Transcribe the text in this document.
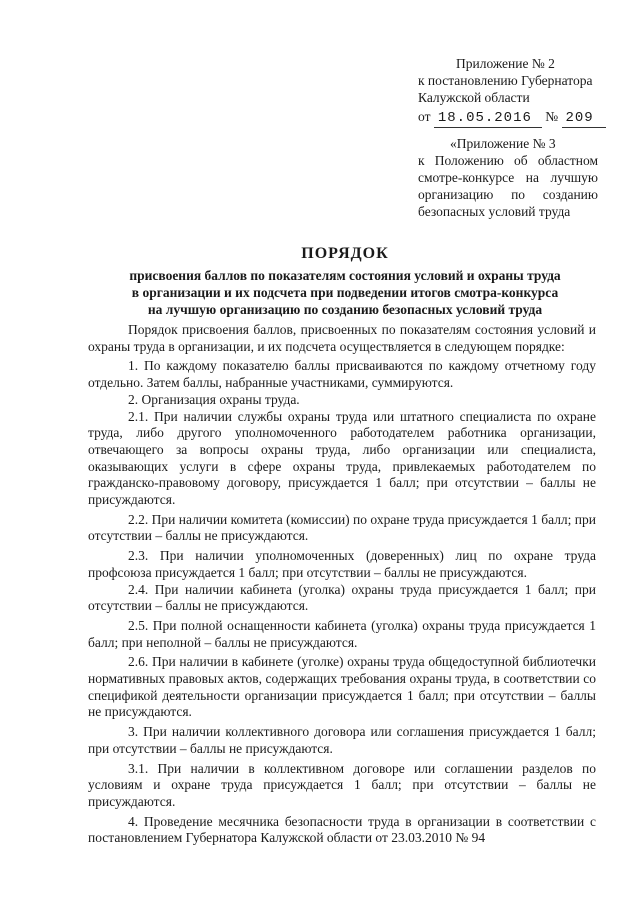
Приложение № 2
к постановлению Губернатора
Калужской области
от 18.05.2016 № 209
«Приложение № 3
к Положению об областном смотре-конкурсе на лучшую организацию по созданию безопасных условий труда
ПОРЯДОК
присвоения баллов по показателям состояния условий и охраны труда
в организации и их подсчета при подведении итогов смотра-конкурса
на лучшую организацию по созданию безопасных условий труда

Порядок присвоения баллов, присвоенных по показателям состояния условий и охраны труда в организации, и их подсчета осуществляется в следующем порядке:

1. По каждому показателю баллы присваиваются по каждому отчетному году отдельно. Затем баллы, набранные участниками, суммируются.

2. Организация охраны труда.

2.1. При наличии службы охраны труда или штатного специалиста по охране труда, либо другого уполномоченного работодателем работника организации, отвечающего за вопросы охраны труда, либо организации или специалиста, оказывающих услуги в сфере охраны труда, привлекаемых работодателем по гражданско-правовому договору, присуждается 1 балл; при отсутствии – баллы не присуждаются.

2.2. При наличии комитета (комиссии) по охране труда присуждается 1 балл; при отсутствии – баллы не присуждаются.

2.3. При наличии уполномоченных (доверенных) лиц по охране труда профсоюза присуждается 1 балл; при отсутствии – баллы не присуждаются.

2.4. При наличии кабинета (уголка) охраны труда присуждается 1 балл; при отсутствии – баллы не присуждаются.

2.5. При полной оснащенности кабинета (уголка) охраны труда присуждается 1 балл; при неполной – баллы не присуждаются.

2.6. При наличии в кабинете (уголке) охраны труда общедоступной библиотечки нормативных правовых актов, содержащих требования охраны труда, в соответствии со спецификой деятельности организации присуждается 1 балл; при отсутствии – баллы не присуждаются.

3. При наличии коллективного договора или соглашения присуждается 1 балл; при отсутствии – баллы не присуждаются.

3.1. При наличии в коллективном договоре или соглашении разделов по условиям и охране труда присуждается 1 балл; при отсутствии – баллы не присуждаются.

4. Проведение месячника безопасности труда в организации в соответствии с постановлением Губернатора Калужской области от 23.03.2010 № 94
